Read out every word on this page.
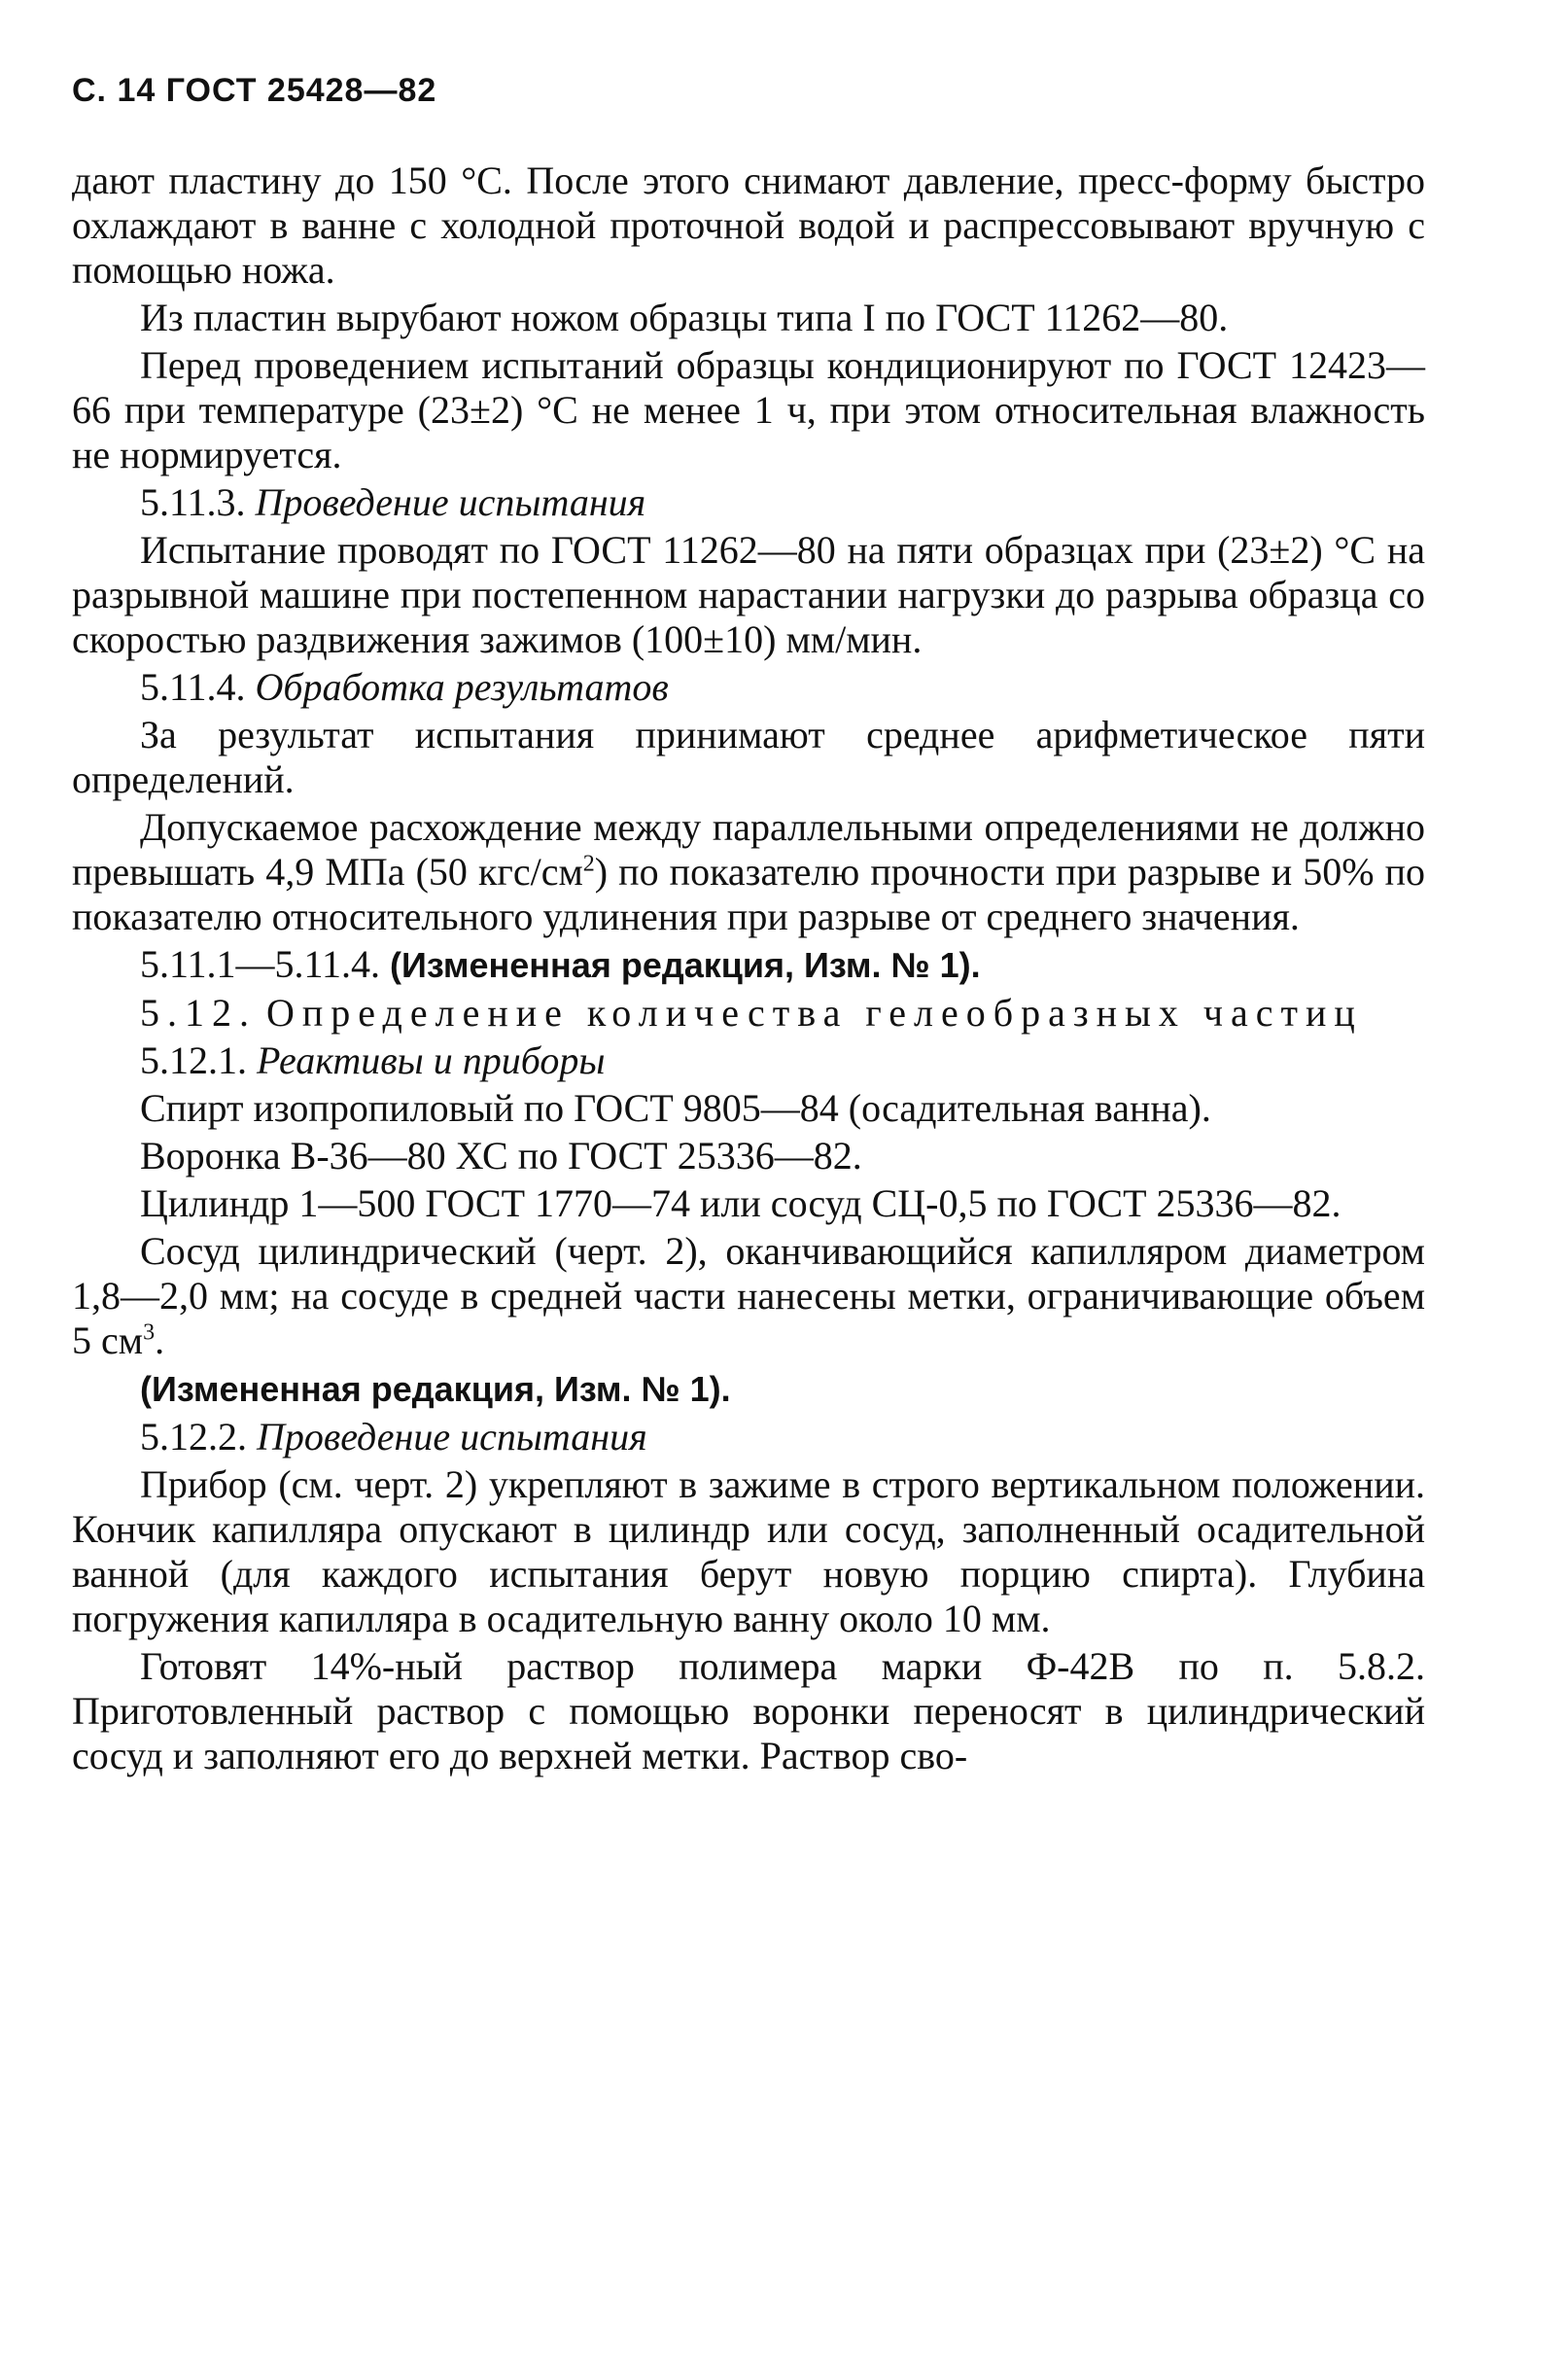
С. 14 ГОСТ 25428—82

дают пластину до 150 °С. После этого снимают давление, пресс-форму быстро охлаждают в ванне с холодной проточной водой и распрессовывают вручную с помощью ножа.

Из пластин вырубают ножом образцы типа I по ГОСТ 11262—80.

Перед проведением испытаний образцы кондиционируют по ГОСТ 12423—66 при температуре (23±2) °С не менее 1 ч, при этом относительная влажность не нормируется.

5.11.3. Проведение испытания

Испытание проводят по ГОСТ 11262—80 на пяти образцах при (23±2) °С на разрывной машине при постепенном нарастании нагрузки до разрыва образца со скоростью раздвижения зажимов (100±10) мм/мин.

5.11.4. Обработка результатов

За результат испытания принимают среднее арифметическое пяти определений.

Допускаемое расхождение между параллельными определениями не должно превышать 4,9 МПа (50 кгс/$см^2$) по показателю прочности при разрыве и 50% по показателю относительного удлинения при разрыве от среднего значения.

5.11.1—5.11.4. (Измененная редакция, Изм. № 1).

5.12. Определение количества гелеобразных частиц

5.12.1. Реактивы и приборы

Спирт изопропиловый по ГОСТ 9805—84 (осадительная ванна).

Воронка В-36—80 ХС по ГОСТ 25336—82.

Цилиндр 1—500 ГОСТ 1770—74 или сосуд СЦ-0,5 по ГОСТ 25336—82.

Сосуд цилиндрический (черт. 2), оканчивающийся капилляром диаметром 1,8—2,0 мм; на сосуде в средней части нанесены метки, ограничивающие объем 5 $см^3$.

(Измененная редакция, Изм. № 1).

5.12.2. Проведение испытания

Прибор (см. черт. 2) укрепляют в зажиме в строго вертикальном положении. Кончик капилляра опускают в цилиндр или сосуд, заполненный осадительной ванной (для каждого испытания берут новую порцию спирта). Глубина погружения капилляра в осадительную ванну около 10 мм.

Готовят 14%-ный раствор полимера марки Ф-42В по п. 5.8.2. Приготовленный раствор с помощью воронки переносят в цилиндрический сосуд и заполняют его до верхней метки. Раствор сво-
